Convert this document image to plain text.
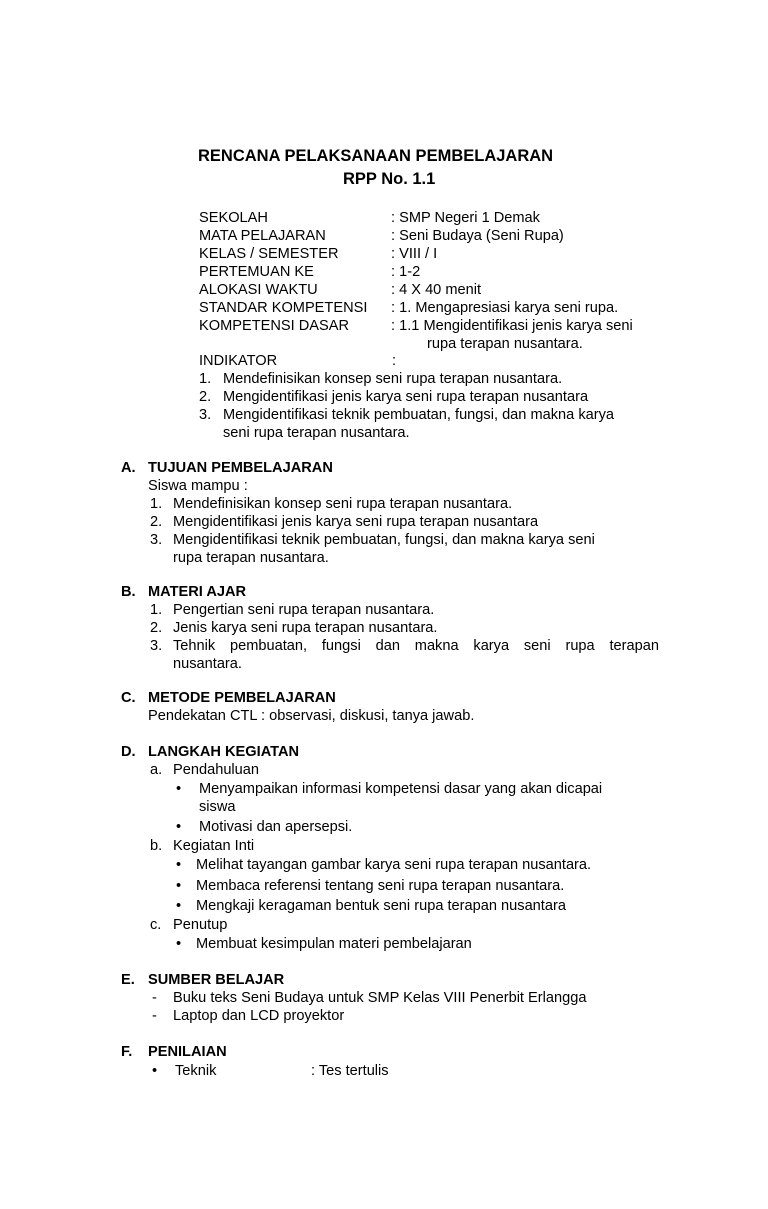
RENCANA PELAKSANAAN PEMBELAJARAN
RPP No. 1.1
SEKOLAH	: SMP Negeri 1 Demak
MATA PELAJARAN	: Seni Budaya (Seni Rupa)
KELAS / SEMESTER	: VIII / I
PERTEMUAN KE	: 1-2
ALOKASI WAKTU	: 4 X 40 menit
STANDAR KOMPETENSI : 1. Mengapresiasi karya seni rupa.
KOMPETENSI DASAR	: 1.1 Mengidentifikasi jenis karya seni
rupa terapan nusantara.
INDIKATOR	:
1. Mendefinisikan konsep seni rupa terapan nusantara.
2. Mengidentifikasi jenis karya seni rupa terapan nusantara
3. Mengidentifikasi teknik pembuatan, fungsi, dan makna karya
seni rupa terapan nusantara.
A. TUJUAN PEMBELAJARAN
Siswa mampu :
1. Mendefinisikan konsep seni rupa terapan nusantara.
2. Mengidentifikasi jenis karya seni rupa terapan nusantara
3. Mengidentifikasi teknik pembuatan, fungsi, dan makna karya seni
rupa terapan nusantara.
B. MATERI AJAR
1. Pengertian seni rupa terapan nusantara.
2. Jenis karya seni rupa terapan nusantara.
3. Tehnik pembuatan, fungsi dan makna karya seni rupa terapan
nusantara.
C. METODE PEMBELAJARAN
Pendekatan CTL : observasi, diskusi, tanya jawab.
D. LANGKAH KEGIATAN
a. Pendahuluan
• Menyampaikan informasi kompetensi dasar yang akan dicapai
siswa
• Motivasi dan apersepsi.
b. Kegiatan Inti
• Melihat tayangan gambar karya seni rupa terapan nusantara.
• Membaca referensi tentang seni rupa terapan nusantara.
• Mengkaji keragaman bentuk seni rupa terapan nusantara
c. Penutup
• Membuat kesimpulan materi pembelajaran
E. SUMBER BELAJAR
- Buku teks Seni Budaya untuk SMP Kelas VIII Penerbit Erlangga
- Laptop dan LCD proyektor
F. PENILAIAN
• Teknik	: Tes tertulis
